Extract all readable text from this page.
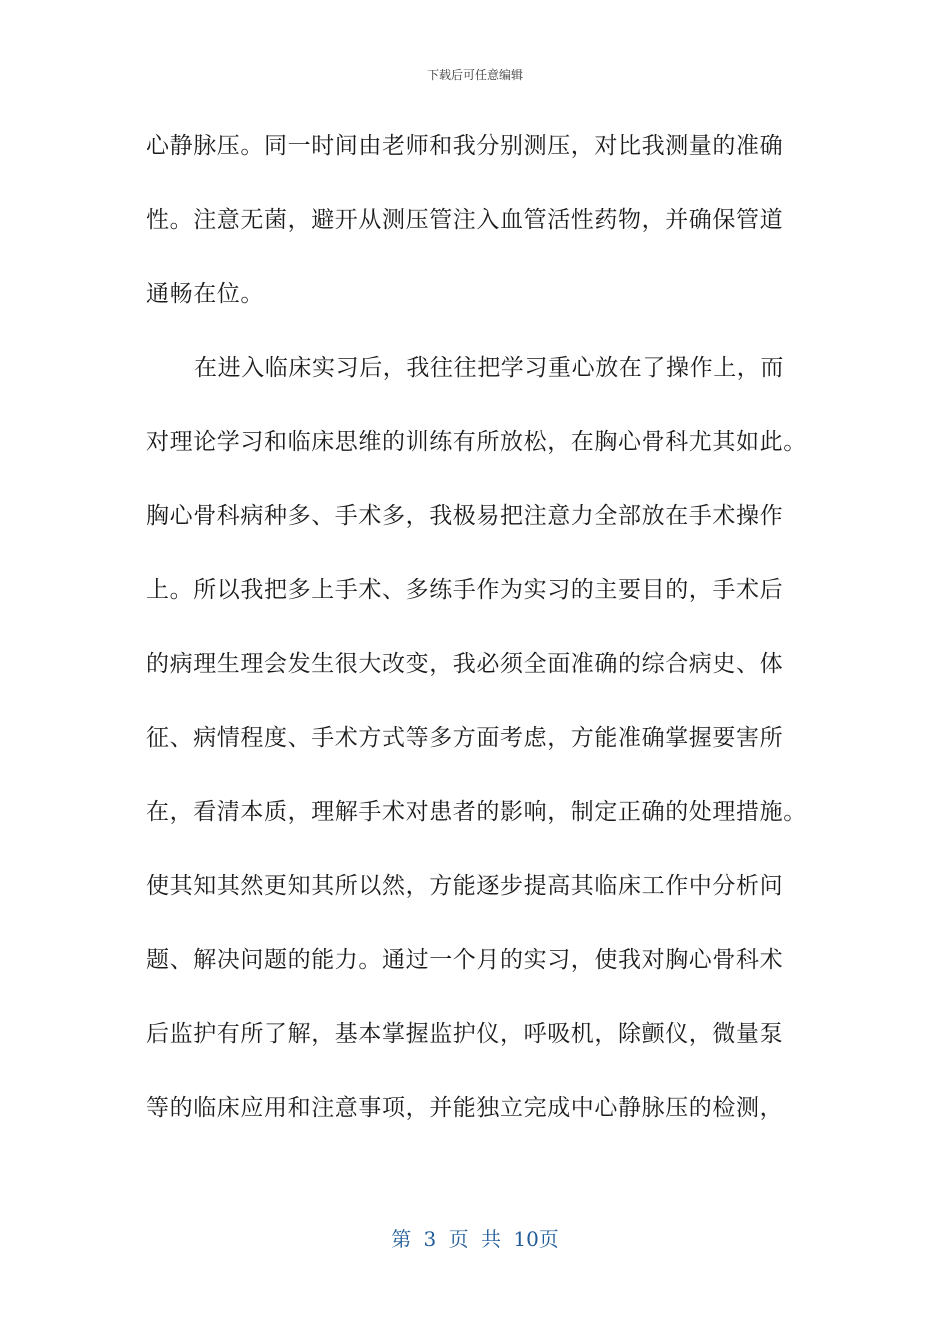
下载后可任意编辑
心静脉压。同一时间由老师和我分别测压，对比我测量的准确
性。注意无菌，避开从测压管注入血管活性药物，并确保管道
通畅在位。
在进入临床实习后，我往往把学习重心放在了操作上，而
对理论学习和临床思维的训练有所放松，在胸心骨科尤其如此。
胸心骨科病种多、手术多，我极易把注意力全部放在手术操作
上。所以我把多上手术、多练手作为实习的主要目的，手术后
的病理生理会发生很大改变，我必须全面准确的综合病史、体
征、病情程度、手术方式等多方面考虑，方能准确掌握要害所
在，看清本质，理解手术对患者的影响，制定正确的处理措施。
使其知其然更知其所以然，方能逐步提高其临床工作中分析问
题、解决问题的能力。通过一个月的实习，使我对胸心骨科术
后监护有所了解，基本掌握监护仪，呼吸机，除颤仪，微量泵
等的临床应用和注意事项，并能独立完成中心静脉压的检测，
第 3 页 共 10页
